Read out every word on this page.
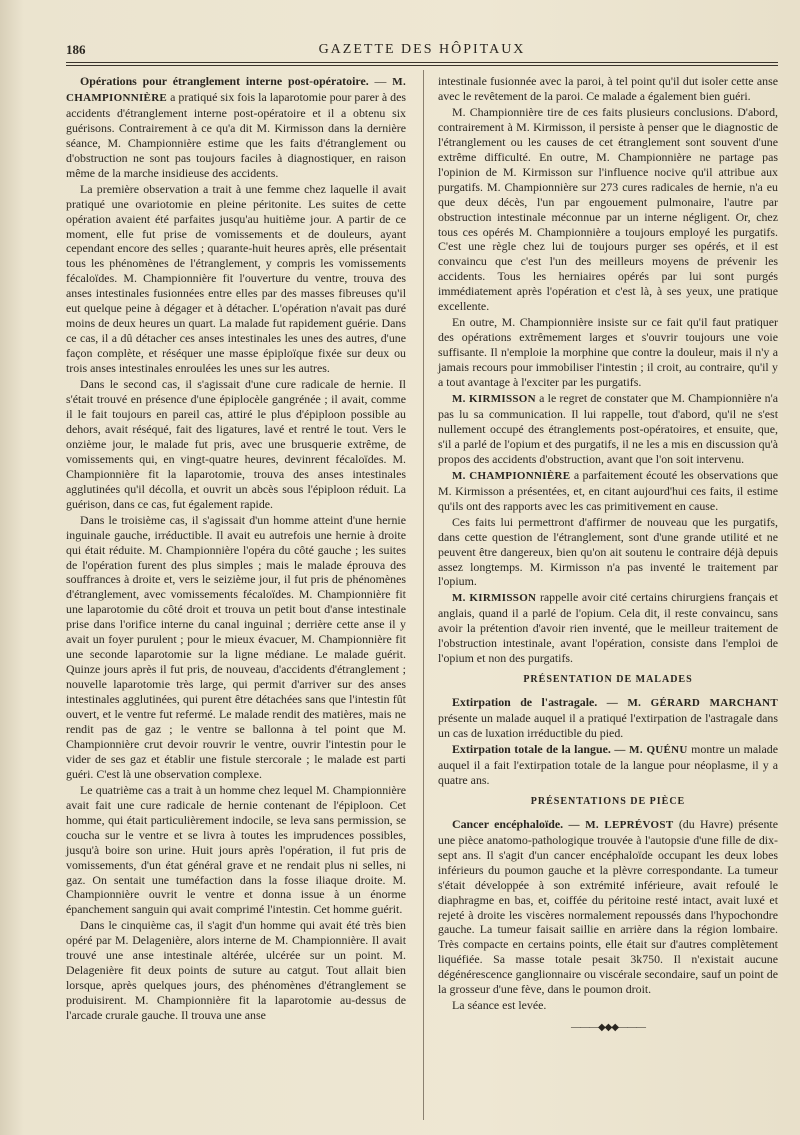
186	GAZETTE DES HÔPITAUX

Opérations pour étranglement interne post-opératoire. — M. CHAMPIONNIÈRE a pratiqué six fois la laparotomie pour parer à des accidents d'étranglement interne post-opératoire et il a obtenu six guérisons. Contrairement à ce qu'a dit M. Kirmisson dans la dernière séance, M. Championnière estime que les faits d'étranglement ou d'obstruction ne sont pas toujours faciles à diagnostiquer, en raison même de la marche insidieuse des accidents.

La première observation a trait à une femme chez laquelle il avait pratiqué une ovariotomie en pleine péritonite. Les suites de cette opération avaient été parfaites jusqu'au huitième jour. A partir de ce moment, elle fut prise de vomissements et de douleurs, ayant cependant encore des selles ; quarante-huit heures après, elle présentait tous les phénomènes de l'étranglement, y compris les vomissements fécaloïdes. M. Championnière fit l'ouverture du ventre, trouva des anses intestinales fusionnées entre elles par des masses fibreuses qu'il eut quelque peine à dégager et à détacher. L'opération n'avait pas duré moins de deux heures un quart. La malade fut rapidement guérie. Dans ce cas, il a dû détacher ces anses intestinales les unes des autres, d'une façon complète, et réséquer une masse épiploïque fixée sur deux ou trois anses intestinales enroulées les unes sur les autres.

Dans le second cas, il s'agissait d'une cure radicale de hernie. Il s'était trouvé en présence d'une épiplocèle gangrénée ; il avait, comme il le fait toujours en pareil cas, attiré le plus d'épiploon possible au dehors, avait réséqué, fait des ligatures, lavé et rentré le tout. Vers le onzième jour, le malade fut pris, avec une brusquerie extrême, de vomissements qui, en vingt-quatre heures, devinrent fécaloïdes. M. Championnière fit la laparotomie, trouva des anses intestinales agglutinées qu'il décolla, et ouvrit un abcès sous l'épiploon réduit. La guérison, dans ce cas, fut également rapide.

Dans le troisième cas, il s'agissait d'un homme atteint d'une hernie inguinale gauche, irréductible. Il avait eu autrefois une hernie à droite qui était réduite. M. Championnière l'opéra du côté gauche ; les suites de l'opération furent des plus simples ; mais le malade éprouva des souffrances à droite et, vers le seizième jour, il fut pris de phénomènes d'étranglement, avec vomissements fécaloïdes. M. Championnière fit une laparotomie du côté droit et trouva un petit bout d'anse intestinale prise dans l'orifice interne du canal inguinal ; derrière cette anse il y avait un foyer purulent ; pour le mieux évacuer, M. Championnière fit une seconde laparotomie sur la ligne médiane. Le malade guérit. Quinze jours après il fut pris, de nouveau, d'accidents d'étranglement ; nouvelle laparotomie très large, qui permit d'arriver sur des anses intestinales agglutinées, qui purent être détachées sans que l'intestin fût ouvert, et le ventre fut refermé. Le malade rendit des matières, mais ne rendit pas de gaz ; le ventre se ballonna à tel point que M. Championnière crut devoir rouvrir le ventre, ouvrir l'intestin pour le vider de ses gaz et établir une fistule stercorale ; le malade est parti guéri. C'est là une observation complexe.

Le quatrième cas a trait à un homme chez lequel M. Championnière avait fait une cure radicale de hernie contenant de l'épiploon. Cet homme, qui était particulièrement indocile, se leva sans permission, se coucha sur le ventre et se livra à toutes les imprudences possibles, jusqu'à boire son urine. Huit jours après l'opération, il fut pris de vomissements, d'un état général grave et ne rendait plus ni selles, ni gaz. On sentait une tuméfaction dans la fosse iliaque droite. M. Championnière ouvrit le ventre et donna issue à un énorme épanchement sanguin qui avait comprimé l'intestin. Cet homme guérit.

Dans le cinquième cas, il s'agit d'un homme qui avait été très bien opéré par M. Delagenière, alors interne de M. Championnière. Il avait trouvé une anse intestinale altérée, ulcérée sur un point. M. Delagenière fit deux points de suture au catgut. Tout allait bien lorsque, après quelques jours, des phénomènes d'étranglement se produisirent. M. Championnière fit la laparotomie au-dessus de l'arcade crurale gauche. Il trouva une anse

intestinale fusionnée avec la paroi, à tel point qu'il dut isoler cette anse avec le revêtement de la paroi. Ce malade a également bien guéri.

M. Championnière tire de ces faits plusieurs conclusions. D'abord, contrairement à M. Kirmisson, il persiste à penser que le diagnostic de l'étranglement ou les causes de cet étranglement sont souvent d'une extrême difficulté. En outre, M. Championnière ne partage pas l'opinion de M. Kirmisson sur l'influence nocive qu'il attribue aux purgatifs. M. Championnière sur 273 cures radicales de hernie, n'a eu que deux décès, l'un par engouement pulmonaire, l'autre par obstruction intestinale méconnue par un interne négligent. Or, chez tous ces opérés M. Championnière a toujours employé les purgatifs. C'est une règle chez lui de toujours purger ses opérés, et il est convaincu que c'est l'un des meilleurs moyens de prévenir les accidents. Tous les herniaires opérés par lui sont purgés immédiatement après l'opération et c'est là, à ses yeux, une pratique excellente.

En outre, M. Championnière insiste sur ce fait qu'il faut pratiquer des opérations extrêmement larges et s'ouvrir toujours une voie suffisante. Il n'emploie la morphine que contre la douleur, mais il n'y a jamais recours pour immobiliser l'intestin ; il croit, au contraire, qu'il y a tout avantage à l'exciter par les purgatifs.

M. KIRMISSON a le regret de constater que M. Championnière n'a pas lu sa communication. Il lui rappelle, tout d'abord, qu'il ne s'est nullement occupé des étranglements post-opératoires, et ensuite, que, s'il a parlé de l'opium et des purgatifs, il ne les a mis en discussion qu'à propos des accidents d'obstruction, avant que l'on soit intervenu.

M. CHAMPIONNIÈRE a parfaitement écouté les observations que M. Kirmisson a présentées, et, en citant aujourd'hui ces faits, il estime qu'ils ont des rapports avec les cas primitivement en cause.

Ces faits lui permettront d'affirmer de nouveau que les purgatifs, dans cette question de l'étranglement, sont d'une grande utilité et ne peuvent être dangereux, bien qu'on ait soutenu le contraire déjà depuis assez longtemps. M. Kirmisson n'a pas inventé le traitement par l'opium.

M. KIRMISSON rappelle avoir cité certains chirurgiens français et anglais, quand il a parlé de l'opium. Cela dit, il reste convaincu, sans avoir la prétention d'avoir rien inventé, que le meilleur traitement de l'obstruction intestinale, avant l'opération, consiste dans l'emploi de l'opium et non des purgatifs.

PRÉSENTATION DE MALADES

Extirpation de l'astragale. — M. GÉRARD MARCHANT présente un malade auquel il a pratiqué l'extirpation de l'astragale dans un cas de luxation irréductible du pied.

Extirpation totale de la langue. — M. QUÉNU montre un malade auquel il a fait l'extirpation totale de la langue pour néoplasme, il y a quatre ans.

PRÉSENTATIONS DE PIÈCE

Cancer encéphaloïde. — M. LEPRÉVOST (du Havre) présente une pièce anatomo-pathologique trouvée à l'autopsie d'une fille de dix-sept ans. Il s'agit d'un cancer encéphaloïde occupant les deux lobes inférieurs du poumon gauche et la plèvre correspondante. La tumeur s'était développée à son extrémité inférieure, avait refoulé le diaphragme en bas, et, coiffée du péritoine resté intact, avait luxé et rejeté à droite les viscères normalement repoussés dans l'hypochondre gauche. La tumeur faisait saillie en arrière dans la région lombaire. Très compacte en certains points, elle était sur d'autres complètement liquéfiée. Sa masse totale pesait 3k750. Il n'existait aucune dégénérescence ganglionnaire ou viscérale secondaire, sauf un point de la grosseur d'une fève, dans le poumon droit.

La séance est levée.

———◆◆◆———
